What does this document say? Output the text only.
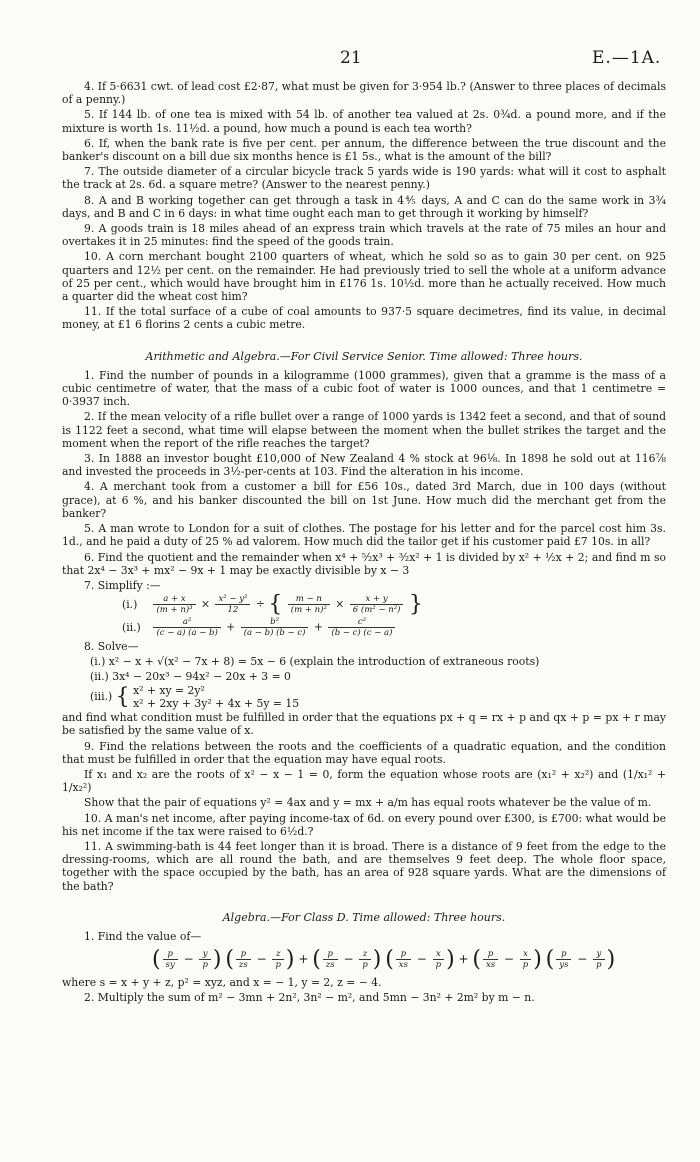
21	E.—1A.

4. If 5·6631 cwt. of lead cost £2·87, what must be given for 3·954 lb.? (Answer to three places of decimals of a penny.)

5. If 144 lb. of one tea is mixed with 54 lb. of another tea valued at 2s. 0¾d. a pound more, and if the mixture is worth 1s. 11½d. a pound, how much a pound is each tea worth?

6. If, when the bank rate is five per cent. per annum, the difference between the true discount and the banker's discount on a bill due six months hence is £1 5s., what is the amount of the bill?

7. The outside diameter of a circular bicycle track 5 yards wide is 190 yards: what will it cost to asphalt the track at 2s. 6d. a square metre? (Answer to the nearest penny.)

8. A and B working together can get through a task in 4⅘ days, A and C can do the same work in 3¾ days, and B and C in 6 days: in what time ought each man to get through it working by himself?

9. A goods train is 18 miles ahead of an express train which travels at the rate of 75 miles an hour and overtakes it in 25 minutes: find the speed of the goods train.

10. A corn merchant bought 2100 quarters of wheat, which he sold so as to gain 30 per cent. on 925 quarters and 12½ per cent. on the remainder. He had previously tried to sell the whole at a uniform advance of 25 per cent., which would have brought him in £176 1s. 10½d. more than he actually received. How much a quarter did the wheat cost him?

11. If the total surface of a cube of coal amounts to 937·5 square decimetres, find its value, in decimal money, at £1 6 florins 2 cents a cubic metre.

Arithmetic and Algebra.—For Civil Service Senior. Time allowed: Three hours.

1. Find the number of pounds in a kilogramme (1000 grammes), given that a gramme is the mass of a cubic centimetre of water, that the mass of a cubic foot of water is 1000 ounces, and that 1 centimetre = 0·3937 inch.

2. If the mean velocity of a rifle bullet over a range of 1000 yards is 1342 feet a second, and that of sound is 1122 feet a second, what time will elapse between the moment when the bullet strikes the target and the moment when the report of the rifle reaches the target?

3. In 1888 an investor bought £10,000 of New Zealand 4 % stock at 96⅛. In 1898 he sold out at 116⅞ and invested the proceeds in 3½-per-cents at 103. Find the alteration in his income.

4. A merchant took from a customer a bill for £56 10s., dated 3rd March, due in 100 days (without grace), at 6 %, and his banker discounted the bill on 1st June. How much did the merchant get from the banker?

5. A man wrote to London for a suit of clothes. The postage for his letter and for the parcel cost him 3s. 1d., and he paid a duty of 25 % ad valorem. How much did the tailor get if his customer paid £7 10s. in all?

6. Find the quotient and the remainder when x⁴ + ⁵⁄₂x³ + ³⁄₂x² + 1 is divided by x² + ½x + 2; and find m so that 2x⁴ − 3x³ + mx² − 9x + 1 may be exactly divisible by x − 3

7. Simplify :—

$(i.) \frac{a + x}{\text{(m + n)³}} \times \frac{\text{x² − y²}}{12}$ ÷ { $\frac{m - n}{\text{(m + n)²}} \times \frac{x + y}{\text{6 (m² − n²)}}$ }
$(ii.) \frac{\text{a²}}{(c - a) (a - b)} + \frac{\text{b²}}{(a - b) (b - c)} + \frac{\text{c²}}{(b - c) (c - a)}$

8. Solve—

(i.) x² − x + √(x² − 7x + 8) = 5x − 6 (explain the introduction of extraneous roots)
(ii.) 3x⁴ − 20x³ − 94x² − 20x + 3 = 0
(iii.) { x² + xy = 2y²
x² + 2xy + 3y² + 4x + 5y = 15

and find what condition must be fulfilled in order that the equations px + q = rx + p and qx + p = px + r may be satisfied by the same value of x.

9. Find the relations between the roots and the coefficients of a quadratic equation, and the condition that must be fulfilled in order that the equation may have equal roots.

If x₁ and x₂ are the roots of x² − x − 1 = 0, form the equation whose roots are (x₁² + x₂²) and (1/x₁² + 1/x₂²)

Show that the pair of equations y² = 4ax and y = mx + a/m has equal roots whatever be the value of m.

10. A man's net income, after paying income-tax of 6d. on every pound over £300, is £700: what would be his net income if the tax were raised to 6½d.?

11. A swimming-bath is 44 feet longer than it is broad. There is a distance of 9 feet from the edge to the dressing-rooms, which are all round the bath, and are themselves 9 feet deep. The whole floor space, together with the space occupied by the bath, has an area of 928 square yards. What are the dimensions of the bath?

Algebra.—For Class D. Time allowed: Three hours.

1. Find the value of—

( $\frac{p}{sy} - \frac{y}{p}$ ) ( $\frac{p}{zs} - \frac{z}{p}$ ) + ( $\frac{p}{zs} - \frac{z}{p}$ ) ( $\frac{p}{xs} - \frac{x}{p}$ ) + ( $\frac{p}{xs} - \frac{x}{p}$ ) ( $\frac{p}{ys} - \frac{y}{p}$ )

where s = x + y + z, p² = xyz, and x = − 1, y = 2, z = − 4.

2. Multiply the sum of m² − 3mn + 2n², 3n² − m², and 5mn − 3n² + 2m² by m − n.
